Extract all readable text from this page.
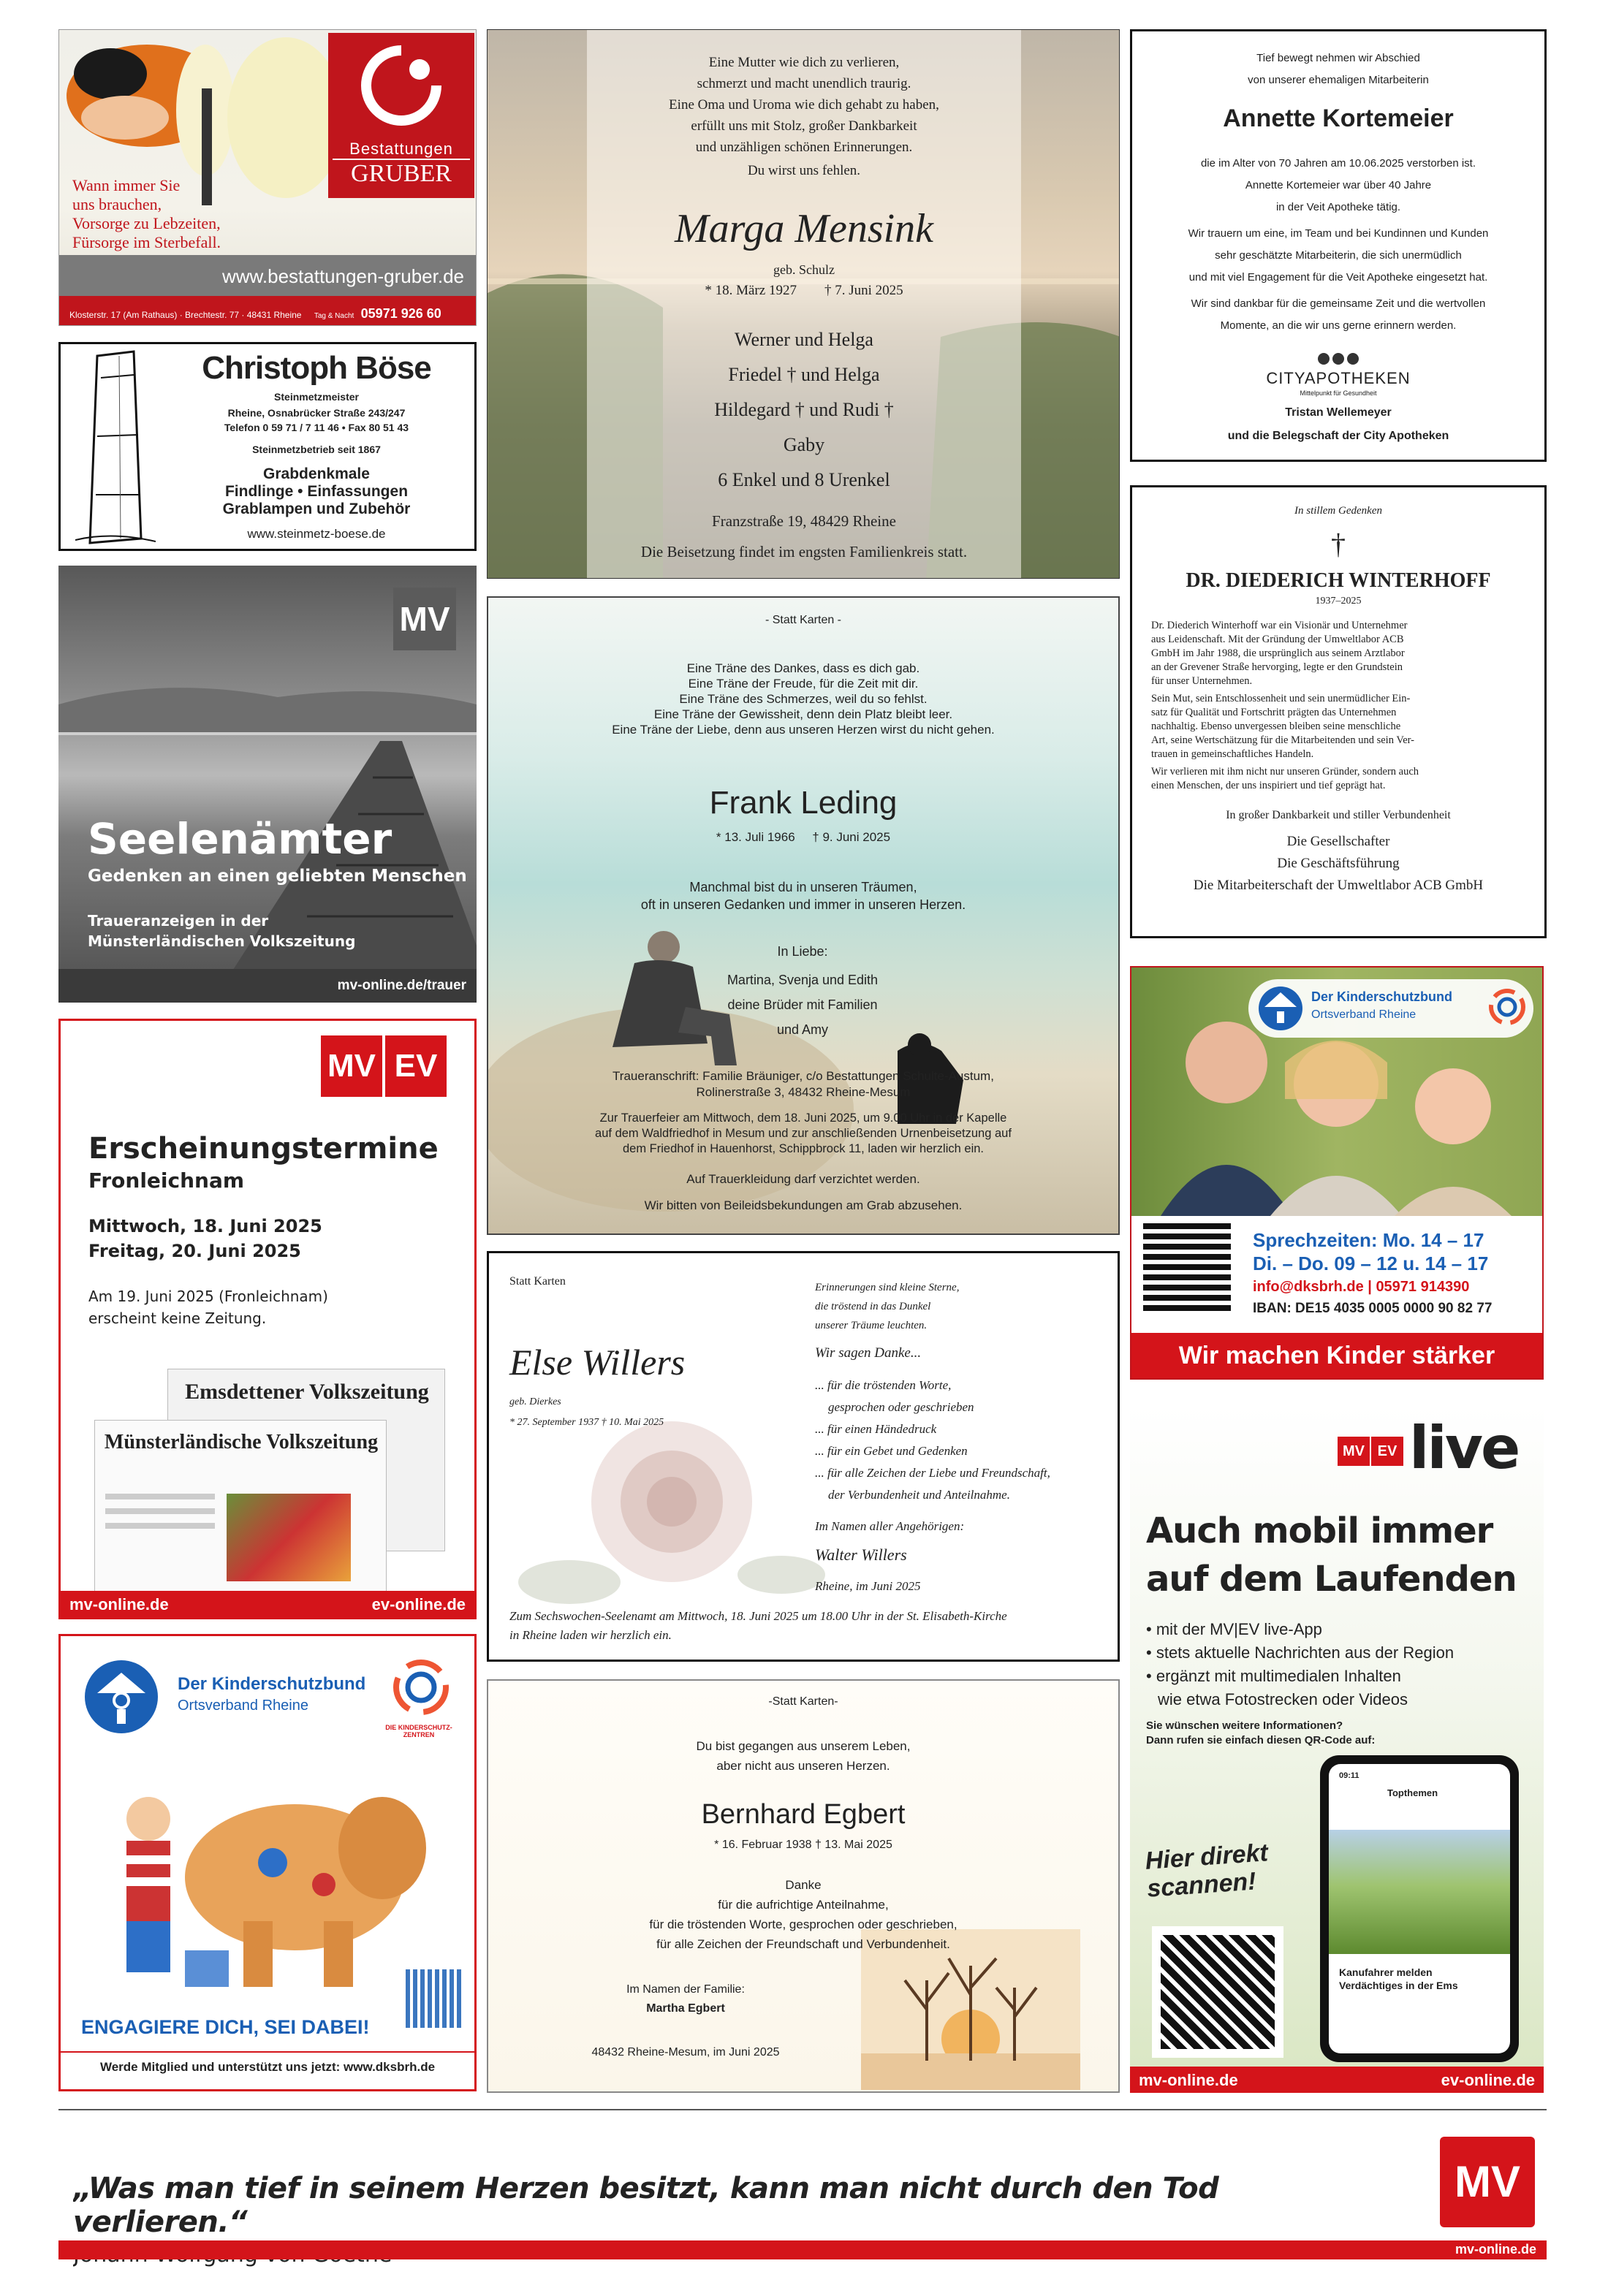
Bestattungen
GRUBER
Wann immer Sie
uns brauchen,
Vorsorge zu Lebzeiten,
Fürsorge im Sterbefall.
www.bestattungen-gruber.de
Klosterstr. 17 (Am Rathaus) · Brechtestr. 77 · 48431 Rheine Tag & Nacht 05971 926 60
Christoph Böse
Steinmetzmeister
Rheine, Osnabrücker Straße 243/247
Telefon 0 59 71 / 7 11 46 • Fax 80 51 43
Steinmetzbetrieb seit 1867
Grabdenkmale
Findlinge • Einfassungen
Grablampen und Zubehör
www.steinmetz-boese.de
MV
Seelenämter
Gedenken an einen geliebten Menschen
Traueranzeigen in der
Münsterländischen Volkszeitung
mv-online.de/trauer
MV EV
Erscheinungstermine
Fronleichnam
Mittwoch, 18. Juni 2025
Freitag, 20. Juni 2025
Am 19. Juni 2025 (Fronleichnam)
erscheint keine Zeitung.
Emsdettener Volkszeitung
Münsterländische Volkszeitung
mv-online.de	ev-online.de
Der Kinderschutzbund
Ortsverband Rheine
DIE KINDERSCHUTZ-ZENTREN
ENGAGIERE DICH, SEI DABEI!
Werde Mitglied und unterstützt uns jetzt: www.dksbrh.de
Eine Mutter wie dich zu verlieren,
schmerzt und macht unendlich traurig.
Eine Oma und Uroma wie dich gehabt zu haben,
erfüllt uns mit Stolz, großer Dankbarkeit
und unzähligen schönen Erinnerungen.
Du wirst uns fehlen.
Marga Mensink
geb. Schulz
* 18. März 1927        † 7. Juni 2025
Werner und Helga
Friedel † und Helga
Hildegard † und Rudi †
Gaby
6 Enkel und 8 Urenkel
Franzstraße 19, 48429 Rheine
Die Beisetzung findet im engsten Familienkreis statt.
Tief bewegt nehmen wir Abschied
von unserer ehemaligen Mitarbeiterin
Annette Kortemeier
die im Alter von 70 Jahren am 10.06.2025 verstorben ist.
Annette Kortemeier war über 40 Jahre
in der Veit Apotheke tätig.
Wir trauern um eine, im Team und bei Kundinnen und Kunden
sehr geschätzte Mitarbeiterin, die sich unermüdlich
und mit viel Engagement für die Veit Apotheke eingesetzt hat.
Wir sind dankbar für die gemeinsame Zeit und die wertvollen
Momente, an die wir uns gerne erinnern werden.
CITYAPOTHEKEN
Mittelpunkt für Gesundheit
Tristan Wellemeyer
und die Belegschaft der City Apotheken
In stillem Gedenken
†
DR. DIEDERICH WINTERHOFF
1937–2025
Dr. Diederich Winterhoff war ein Visionär und Unternehmer
aus Leidenschaft. Mit der Gründung der Umweltlabor ACB
GmbH im Jahr 1988, die ursprünglich aus seinem Arztlabor
an der Grevener Straße hervorging, legte er den Grundstein
für unser Unternehmen.
Sein Mut, sein Entschlossenheit und sein unermüdlicher Ein-
satz für Qualität und Fortschritt prägten das Unternehmen
nachhaltig. Ebenso unvergessen bleiben seine menschliche
Art, seine Wertschätzung für die Mitarbeitenden und sein Ver-
trauen in gemeinschaftliches Handeln.
Wir verlieren mit ihm nicht nur unseren Gründer, sondern auch
einen Menschen, der uns inspiriert und tief geprägt hat.
In großer Dankbarkeit und stiller Verbundenheit
Die Gesellschafter
Die Geschäftsführung
Die Mitarbeiterschaft der Umweltlabor ACB GmbH
- Statt Karten -
Eine Träne des Dankes, dass es dich gab.
Eine Träne der Freude, für die Zeit mit dir.
Eine Träne des Schmerzes, weil du so fehlst.
Eine Träne der Gewissheit, denn dein Platz bleibt leer.
Eine Träne der Liebe, denn aus unseren Herzen wirst du nicht gehen.
Frank Leding
* 13. Juli 1966     † 9. Juni 2025
Manchmal bist du in unseren Träumen,
oft in unseren Gedanken und immer in unseren Herzen.
In Liebe:
Martina, Svenja und Edith
deine Brüder mit Familien
und Amy
Traueranschrift: Familie Bräuniger, c/o Bestattungen Schulte-Austum,
Rolinerstraße 3, 48432 Rheine-Mesum
Zur Trauerfeier am Mittwoch, dem 18. Juni 2025, um 9.00 Uhr in der Kapelle
auf dem Waldfriedhof in Mesum und zur anschließenden Urnenbeisetzung auf
dem Friedhof in Hauenhorst, Schippbrock 11, laden wir herzlich ein.
Auf Trauerkleidung darf verzichtet werden.
Wir bitten von Beileidsbekundungen am Grab abzusehen.
Der Kinderschutzbund
Ortsverband Rheine
Sprechzeiten: Mo. 14 – 17
Di. – Do. 09 – 12 u. 14 – 17
info@dksbrh.de | 05971 914390
IBAN: DE15 4035 0005 0000 90 82 77
Wir machen Kinder stärker
Statt Karten
Else Willers
geb. Dierkes
* 27. September 1937 † 10. Mai 2025
Erinnerungen sind kleine Sterne,
die tröstend in das Dunkel
unserer Träume leuchten.
Wir sagen Danke...
... für die tröstenden Worte,
gesprochen oder geschrieben
... für einen Händedruck
... für ein Gebet und Gedenken
... für alle Zeichen der Liebe und Freundschaft,
der Verbundenheit und Anteilnahme.
Im Namen aller Angehörigen:
Walter Willers
Rheine, im Juni 2025
Zum Sechswochen-Seelenamt am Mittwoch, 18. Juni 2025 um 18.00 Uhr in der St. Elisabeth-Kirche
in Rheine laden wir herzlich ein.
-Statt Karten-
Du bist gegangen aus unserem Leben,
aber nicht aus unseren Herzen.
Bernhard Egbert
* 16. Februar 1938 † 13. Mai 2025
Danke
für die aufrichtige Anteilnahme,
für die tröstenden Worte, gesprochen oder geschrieben,
für alle Zeichen der Freundschaft und Verbundenheit.
Im Namen der Familie:
Martha Egbert
48432 Rheine-Mesum, im Juni 2025
MV EV live
Auch mobil immer
auf dem Laufenden
• mit der MV|EV live-App
• stets aktuelle Nachrichten aus der Region
• ergänzt mit multimedialen Inhalten
wie etwa Fotostrecken oder Videos
Sie wünschen weitere Informationen?
Dann rufen sie einfach diesen QR-Code auf:
Hier direkt
scannen!
09:11
Topthemen
Kanufahrer melden
Verdächtiges in der Ems
mv-online.de	ev-online.de
„Was man tief in seinem Herzen besitzt, kann man nicht durch den Tod verlieren.“
MV
mv-online.de
